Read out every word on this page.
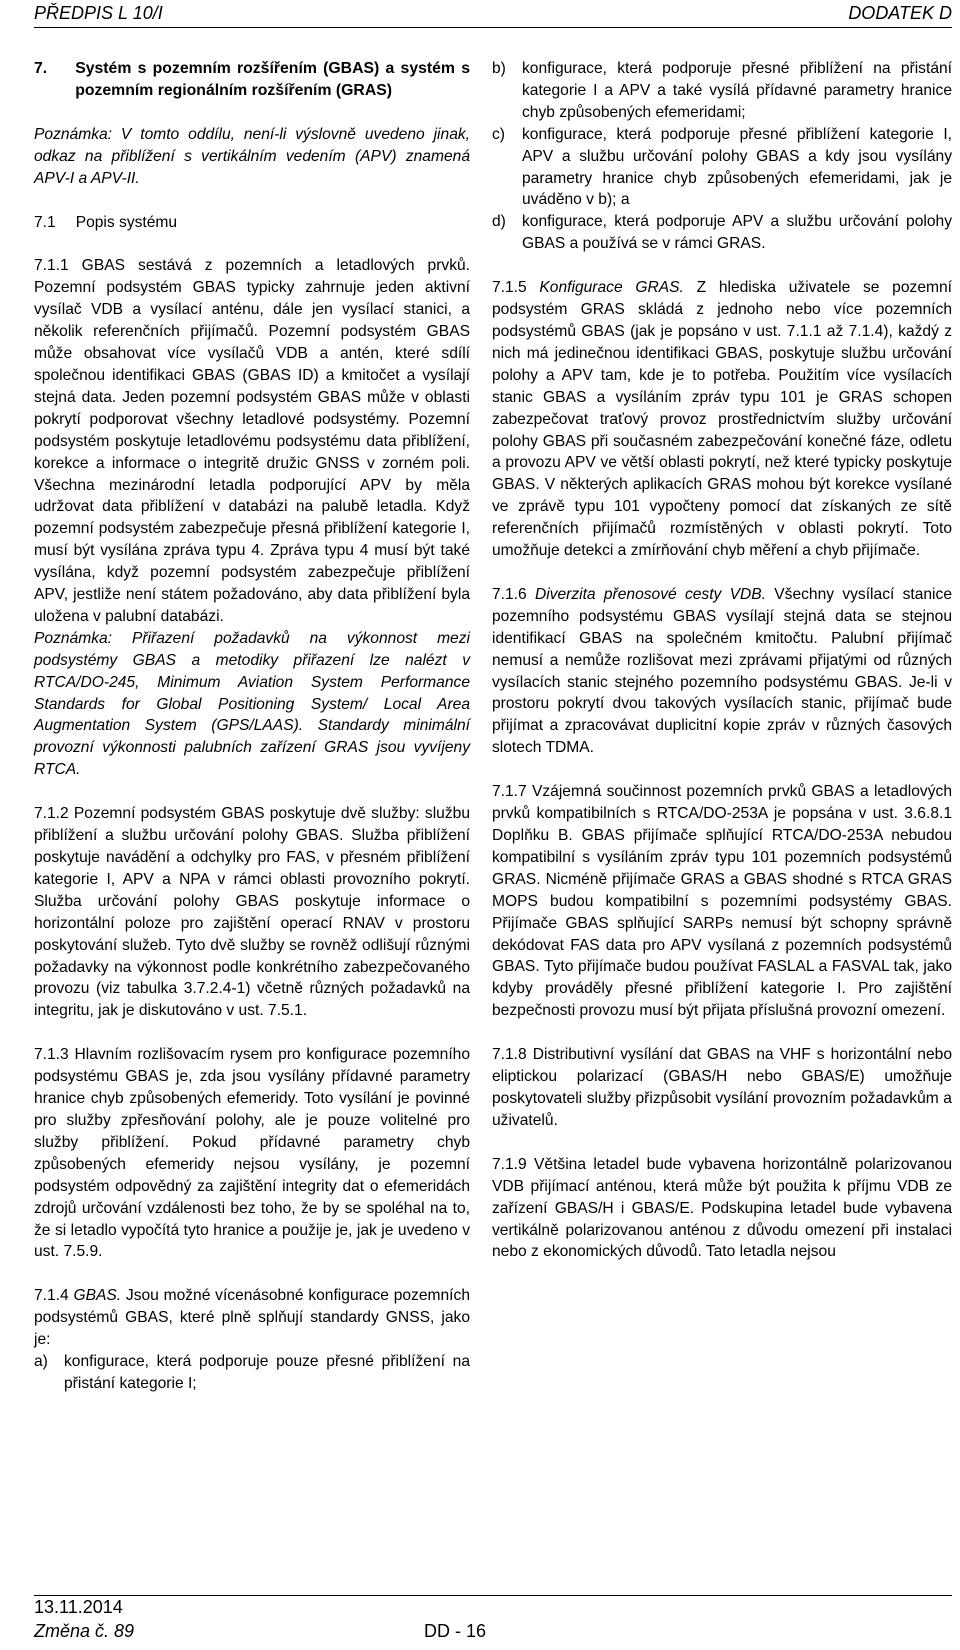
PŘEDPIS L 10/I	DODATEK D
7. Systém s pozemním rozšířením (GBAS) a systém s pozemním regionálním rozšířením (GRAS)

Poznámka: V tomto oddílu, není-li výslovně uvedeno jinak, odkaz na přiblížení s vertikálním vedením (APV) znamená APV-I a APV-II.

7.1 Popis systému

7.1.1 GBAS sestává z pozemních a letadlových prvků. Pozemní podsystém GBAS typicky zahrnuje jeden aktivní vysílač VDB a vysílací anténu, dále jen vysílací stanici, a několik referenčních přijímačů. Pozemní podsystém GBAS může obsahovat více vysílačů VDB a antén, které sdílí společnou identifikaci GBAS (GBAS ID) a kmitočet a vysílají stejná data. Jeden pozemní podsystém GBAS může v oblasti pokrytí podporovat všechny letadlové podsystémy. Pozemní podsystém poskytuje letadlovému podsystému data přiblížení, korekce a informace o integritě družic GNSS v zorném poli. Všechna mezinárodní letadla podporující APV by měla udržovat data přiblížení v databázi na palubě letadla. Když pozemní podsystém zabezpečuje přesná přiblížení kategorie I, musí být vysílána zpráva typu 4. Zpráva typu 4 musí být také vysílána, když pozemní podsystém zabezpečuje přiblížení APV, jestliže není státem požadováno, aby data přiblížení byla uložena v palubní databázi.

Poznámka: Přiřazení požadavků na výkonnost mezi podsystémy GBAS a metodiky přiřazení lze nalézt v RTCA/DO-245, Minimum Aviation System Performance Standards for Global Positioning System/ Local Area Augmentation System (GPS/LAAS). Standardy minimální provozní výkonnosti palubních zařízení GRAS jsou vyvíjeny RTCA.

7.1.2 Pozemní podsystém GBAS poskytuje dvě služby: službu přiblížení a službu určování polohy GBAS. Služba přiblížení poskytuje navádění a odchylky pro FAS, v přesném přiblížení kategorie I, APV a NPA v rámci oblasti provozního pokrytí. Služba určování polohy GBAS poskytuje informace o horizontální poloze pro zajištění operací RNAV v prostoru poskytování služeb. Tyto dvě služby se rovněž odlišují různými požadavky na výkonnost podle konkrétního zabezpečovaného provozu (viz tabulka 3.7.2.4-1) včetně různých požadavků na integritu, jak je diskutováno v ust. 7.5.1.

7.1.3 Hlavním rozlišovacím rysem pro konfigurace pozemního podsystému GBAS je, zda jsou vysílány přídavné parametry hranice chyb způsobených efemeridy. Toto vysílání je povinné pro služby zpřesňování polohy, ale je pouze volitelné pro služby přiblížení. Pokud přídavné parametry chyb způsobených efemeridy nejsou vysílány, je pozemní podsystém odpovědný za zajištění integrity dat o efemeridách zdrojů určování vzdálenosti bez toho, že by se spoléhal na to, že si letadlo vypočítá tyto hranice a použije je, jak je uvedeno v ust. 7.5.9.

7.1.4 GBAS. Jsou možné vícenásobné konfigurace pozemních podsystémů GBAS, které plně splňují standardy GNSS, jako je:

a)	konfigurace, která podporuje pouze přesné přiblížení na přistání kategorie I;
b)	konfigurace, která podporuje přesné přiblížení na přistání kategorie I a APV a také vysílá přídavné parametry hranice chyb způsobených efemeridami;
c)	konfigurace, která podporuje přesné přiblížení kategorie I, APV a službu určování polohy GBAS a kdy jsou vysílány parametry hranice chyb způsobených efemeridami, jak je uváděno v b); a
d)	konfigurace, která podporuje APV a službu určování polohy GBAS a používá se v rámci GRAS.

7.1.5 Konfigurace GRAS. Z hlediska uživatele se pozemní podsystém GRAS skládá z jednoho nebo více pozemních podsystémů GBAS (jak je popsáno v ust. 7.1.1 až 7.1.4), každý z nich má jedinečnou identifikaci GBAS, poskytuje službu určování polohy a APV tam, kde je to potřeba. Použitím více vysílacích stanic GBAS a vysíláním zpráv typu 101 je GRAS schopen zabezpečovat traťový provoz prostřednictvím služby určování polohy GBAS při současném zabezpečování konečné fáze, odletu a provozu APV ve větší oblasti pokrytí, než které typicky poskytuje GBAS. V některých aplikacích GRAS mohou být korekce vysílané ve zprávě typu 101 vypočteny pomocí dat získaných ze sítě referenčních přijímačů rozmístěných v oblasti pokrytí. Toto umožňuje detekci a zmírňování chyb měření a chyb přijímače.

7.1.6 Diverzita přenosové cesty VDB. Všechny vysílací stanice pozemního podsystému GBAS vysílají stejná data se stejnou identifikací GBAS na společném kmitočtu. Palubní přijímač nemusí a nemůže rozlišovat mezi zprávami přijatými od různých vysílacích stanic stejného pozemního podsystému GBAS. Je-li v prostoru pokrytí dvou takových vysílacích stanic, přijímač bude přijímat a zpracovávat duplicitní kopie zpráv v různých časových slotech TDMA.

7.1.7 Vzájemná součinnost pozemních prvků GBAS a letadlových prvků kompatibilních s RTCA/DO-253A je popsána v ust. 3.6.8.1 Doplňku B. GBAS přijímače splňující RTCA/DO-253A nebudou kompatibilní s vysíláním zpráv typu 101 pozemních podsystémů GRAS. Nicméně přijímače GRAS a GBAS shodné s RTCA GRAS MOPS budou kompatibilní s pozemními podsystémy GBAS. Přijímače GBAS splňující SARPs nemusí být schopny správně dekódovat FAS data pro APV vysílaná z pozemních podsystémů GBAS. Tyto přijímače budou používat FASLAL a FASVAL tak, jako kdyby prováděly přesné přiblížení kategorie I. Pro zajištění bezpečnosti provozu musí být přijata příslušná provozní omezení.

7.1.8 Distributivní vysílání dat GBAS na VHF s horizontální nebo eliptickou polarizací (GBAS/H nebo GBAS/E) umožňuje poskytovateli služby přizpůsobit vysílání provozním požadavkům a uživatelů.

7.1.9 Většina letadel bude vybavena horizontálně polarizovanou VDB přijímací anténou, která může být použita k příjmu VDB ze zařízení GBAS/H i GBAS/E. Podskupina letadel bude vybavena vertikálně polarizovanou anténou z důvodu omezení při instalaci nebo z ekonomických důvodů. Tato letadla nejsou

13.11.2014
Změna č. 89	DD - 16
